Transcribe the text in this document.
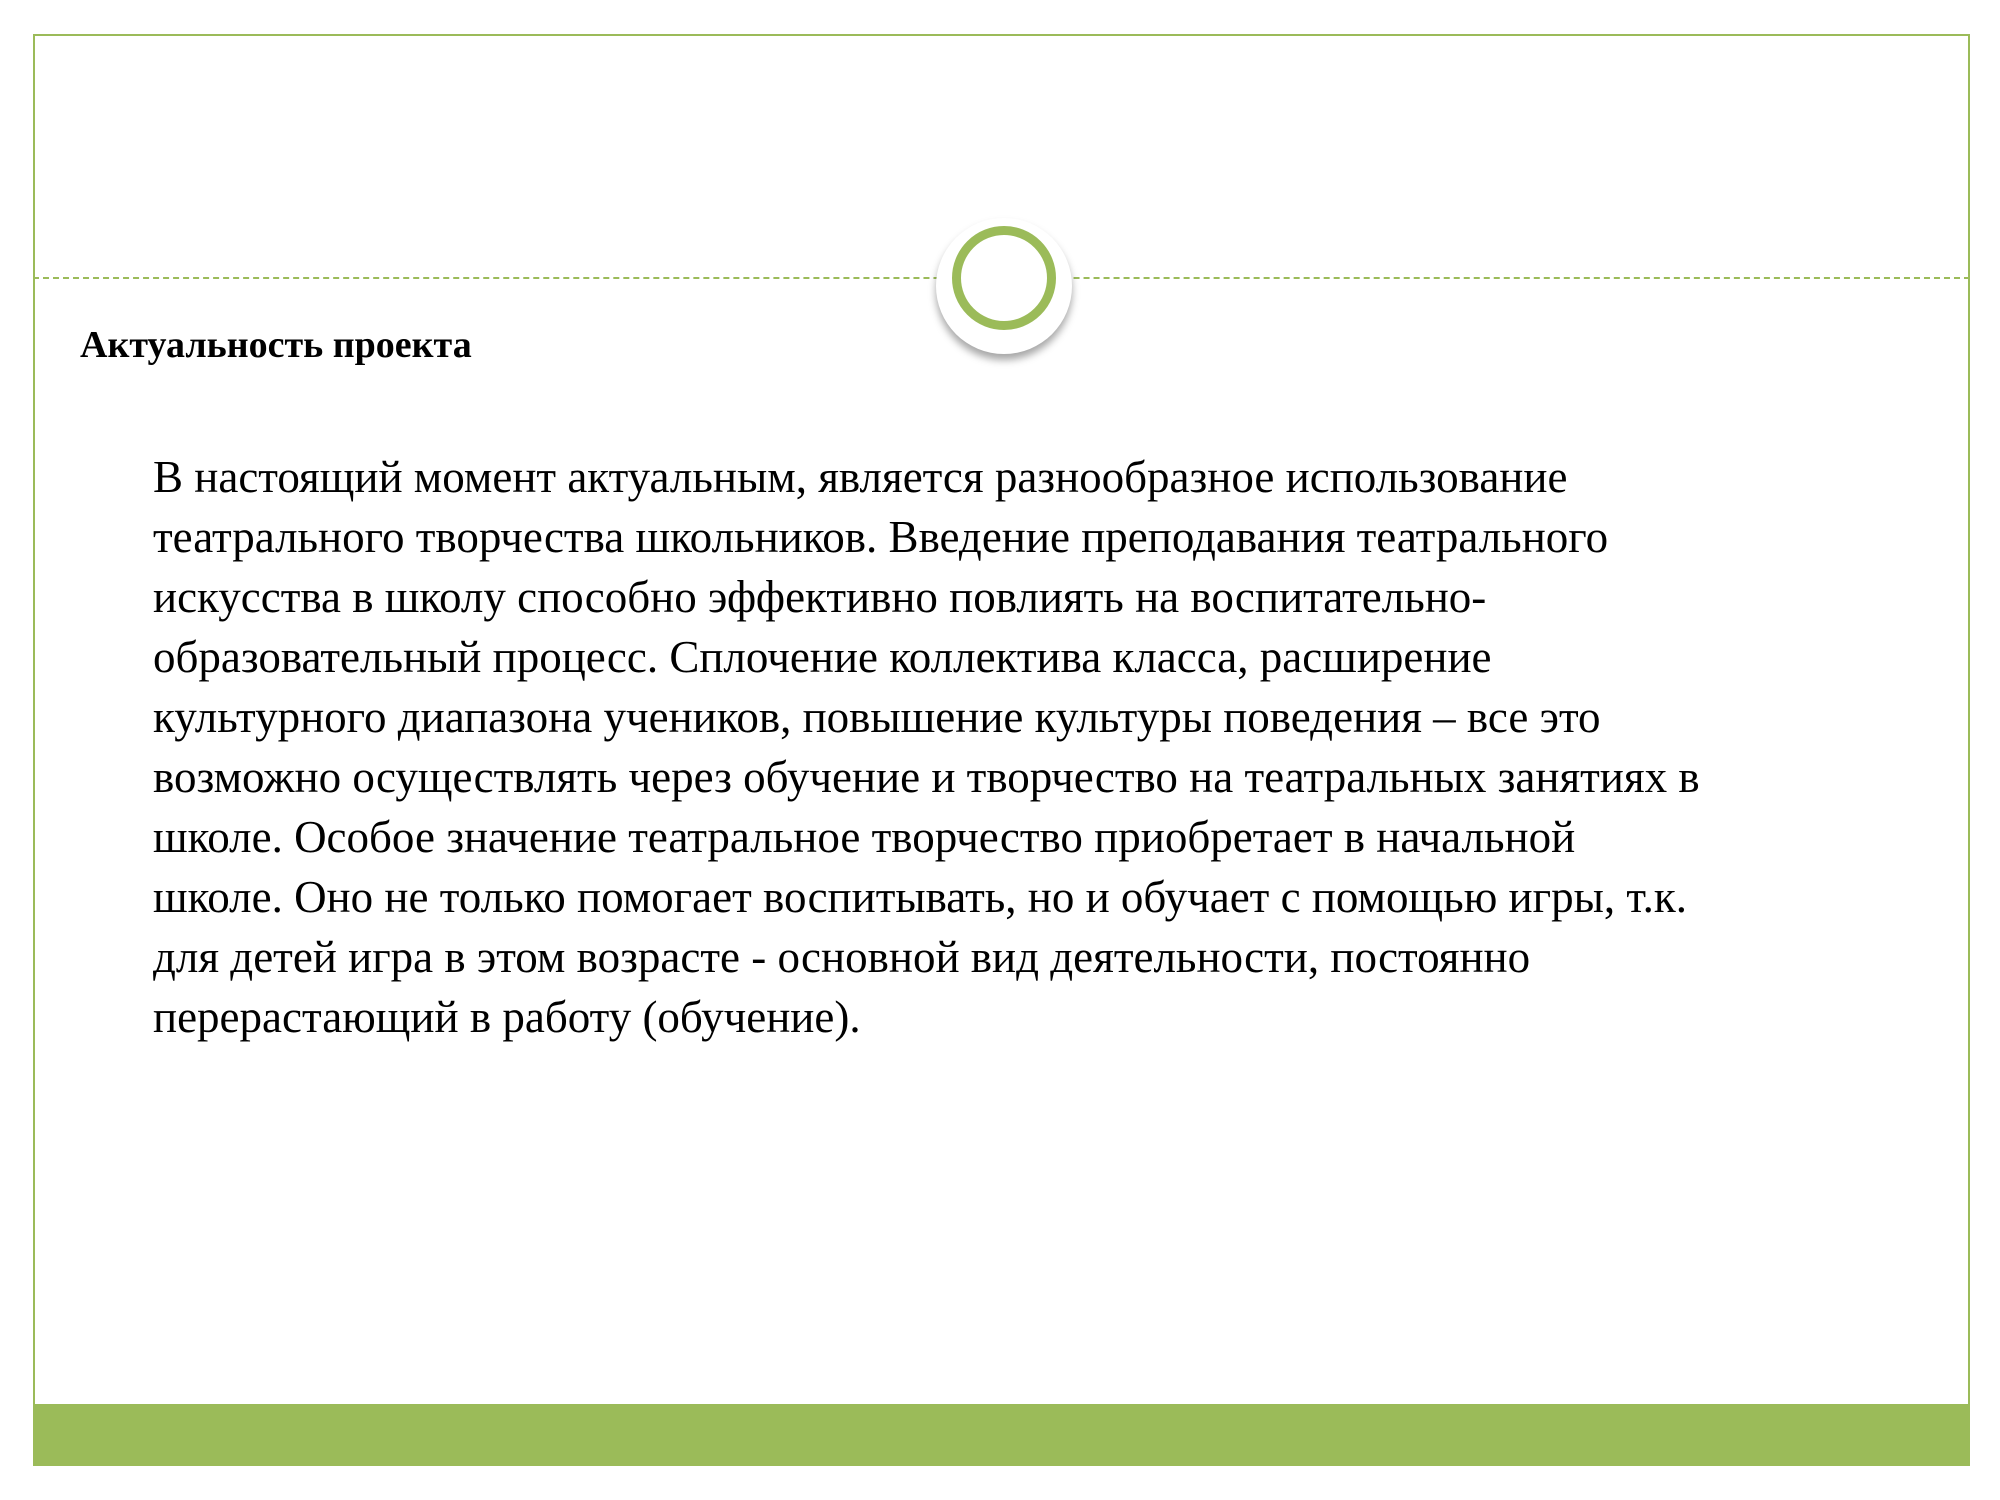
Актуальность проекта
В настоящий момент актуальным, является разнообразное использование
театрального творчества школьников. Введение преподавания театрального
искусства в школу способно эффективно повлиять на воспитательно-
образовательный процесс. Сплочение коллектива класса, расширение
культурного диапазона учеников, повышение культуры поведения – все это
возможно осуществлять через обучение и творчество на театральных занятиях в
школе. Особое значение театральное творчество приобретает в начальной
школе. Оно не только помогает воспитывать, но и обучает с помощью игры, т.к.
для детей игра в этом возрасте - основной вид деятельности, постоянно
перерастающий в работу (обучение).
